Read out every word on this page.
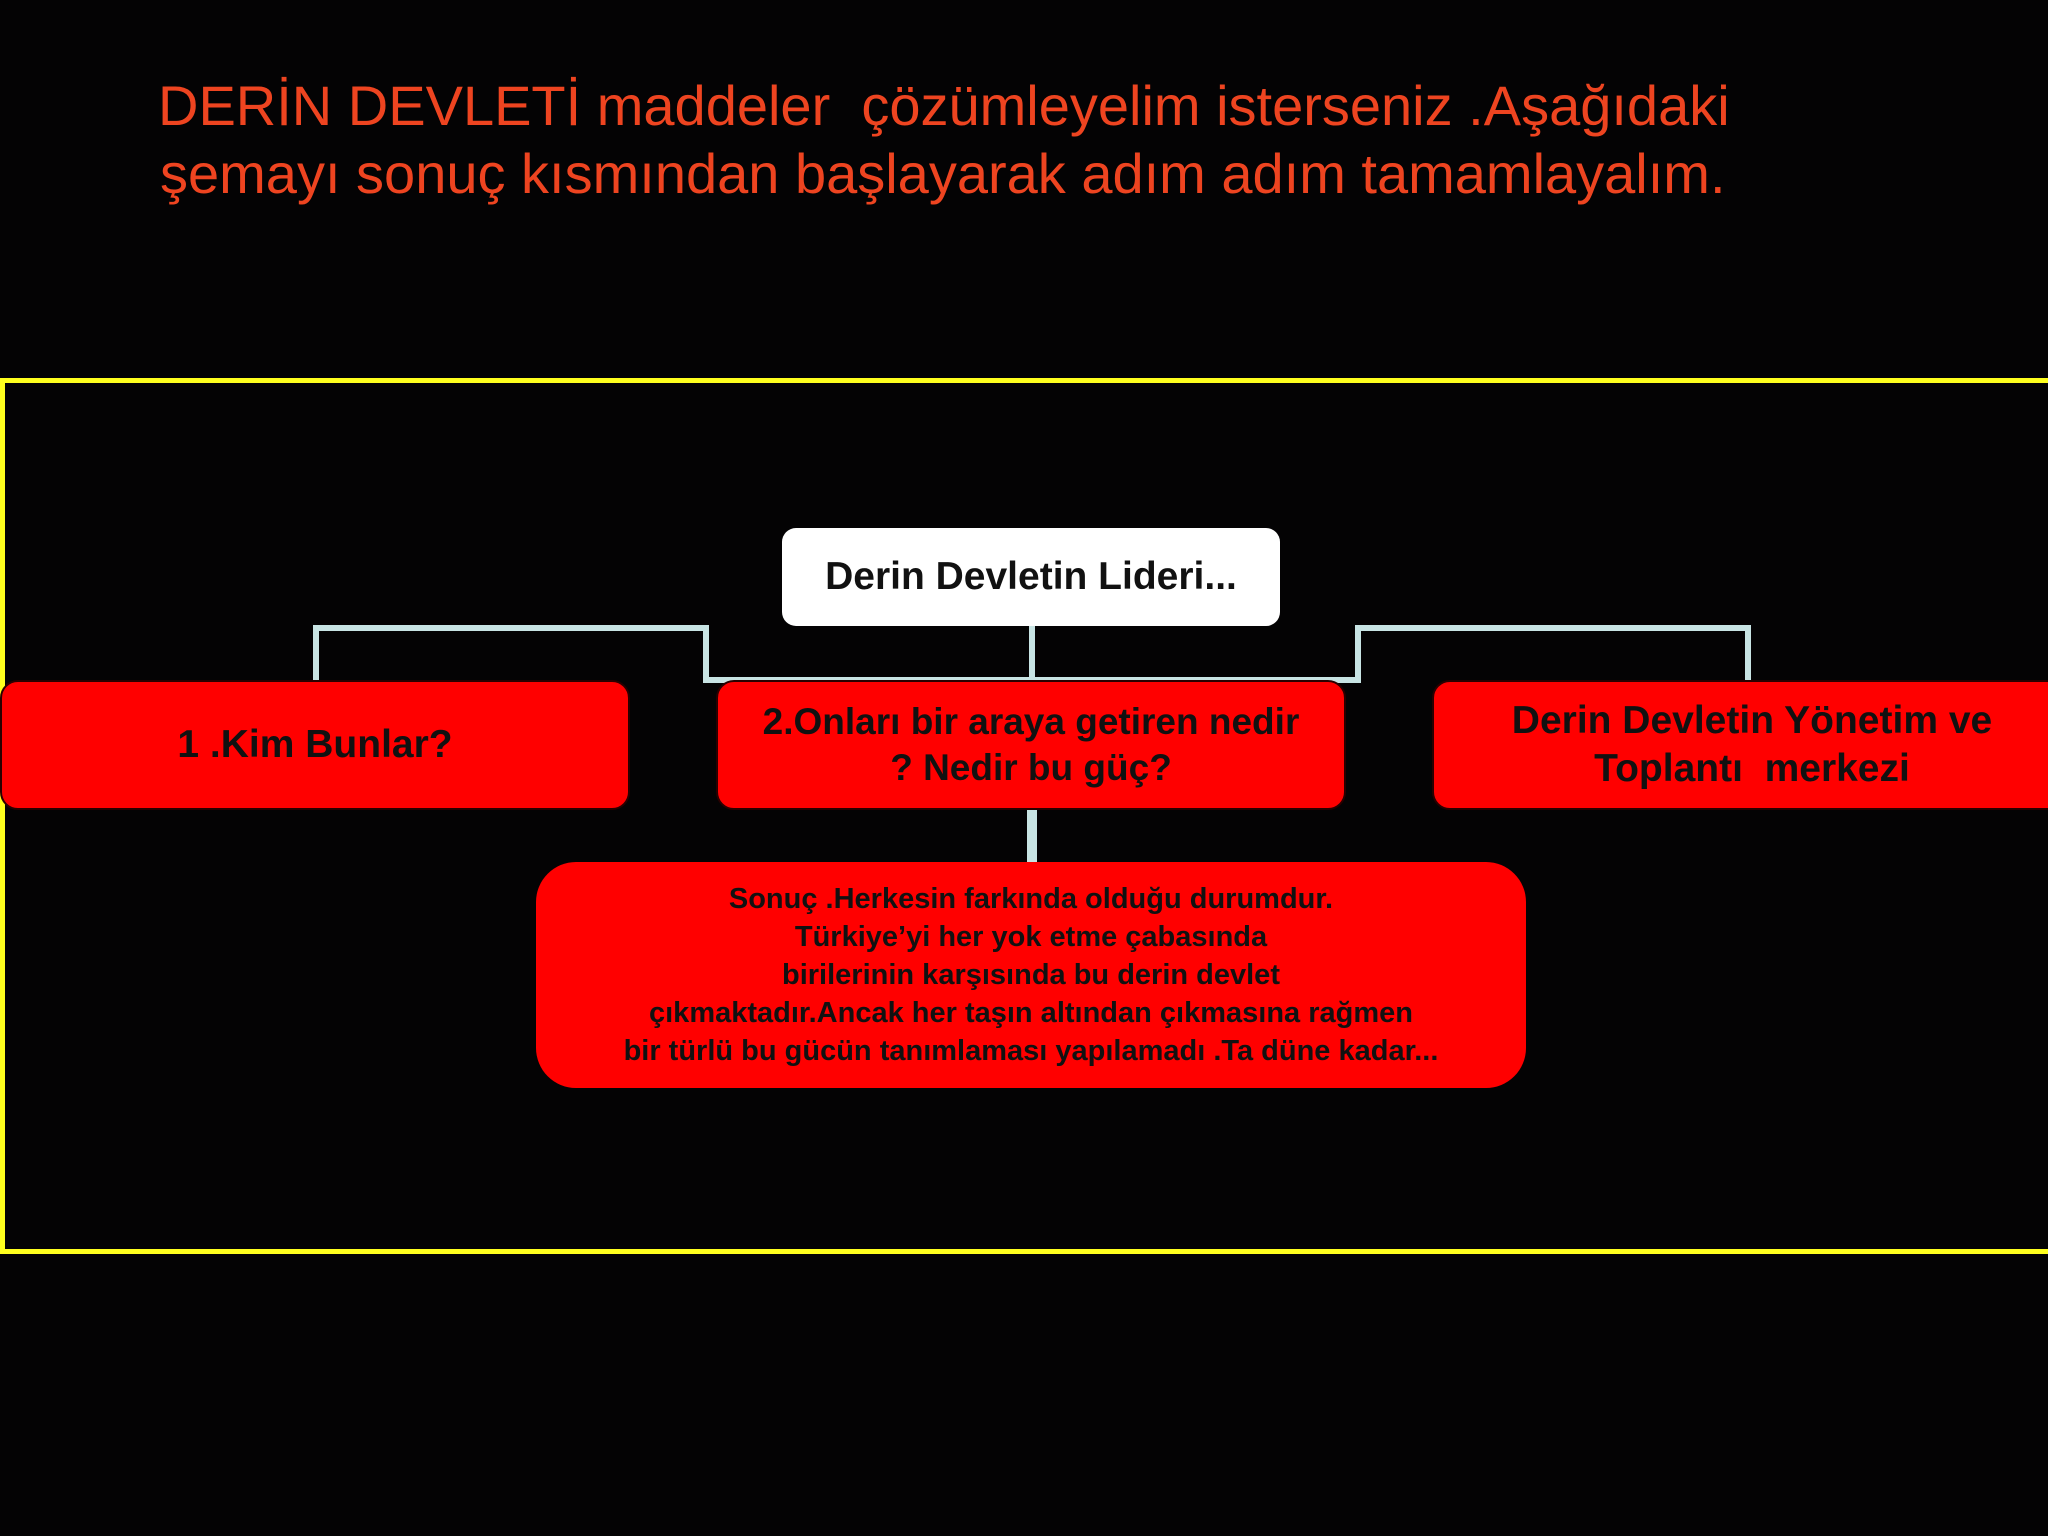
DERİN DEVLETİ maddeler  çözümleyelim isterseniz .Aşağıdaki
şemayı sonuç kısmından başlayarak adım adım tamamlayalım.
Derin Devletin Lideri...
1 .Kim Bunlar?
2.Onları bir araya getiren nedir
? Nedir bu güç?
Derin Devletin Yönetim ve
Toplantı  merkezi
Sonuç .Herkesin farkında olduğu durumdur.
Türkiye’yi her yok etme çabasında
birilerinin karşısında bu derin devlet
çıkmaktadır.Ancak her taşın altından çıkmasına rağmen
bir türlü bu gücün tanımlaması yapılamadı .Ta düne kadar...
